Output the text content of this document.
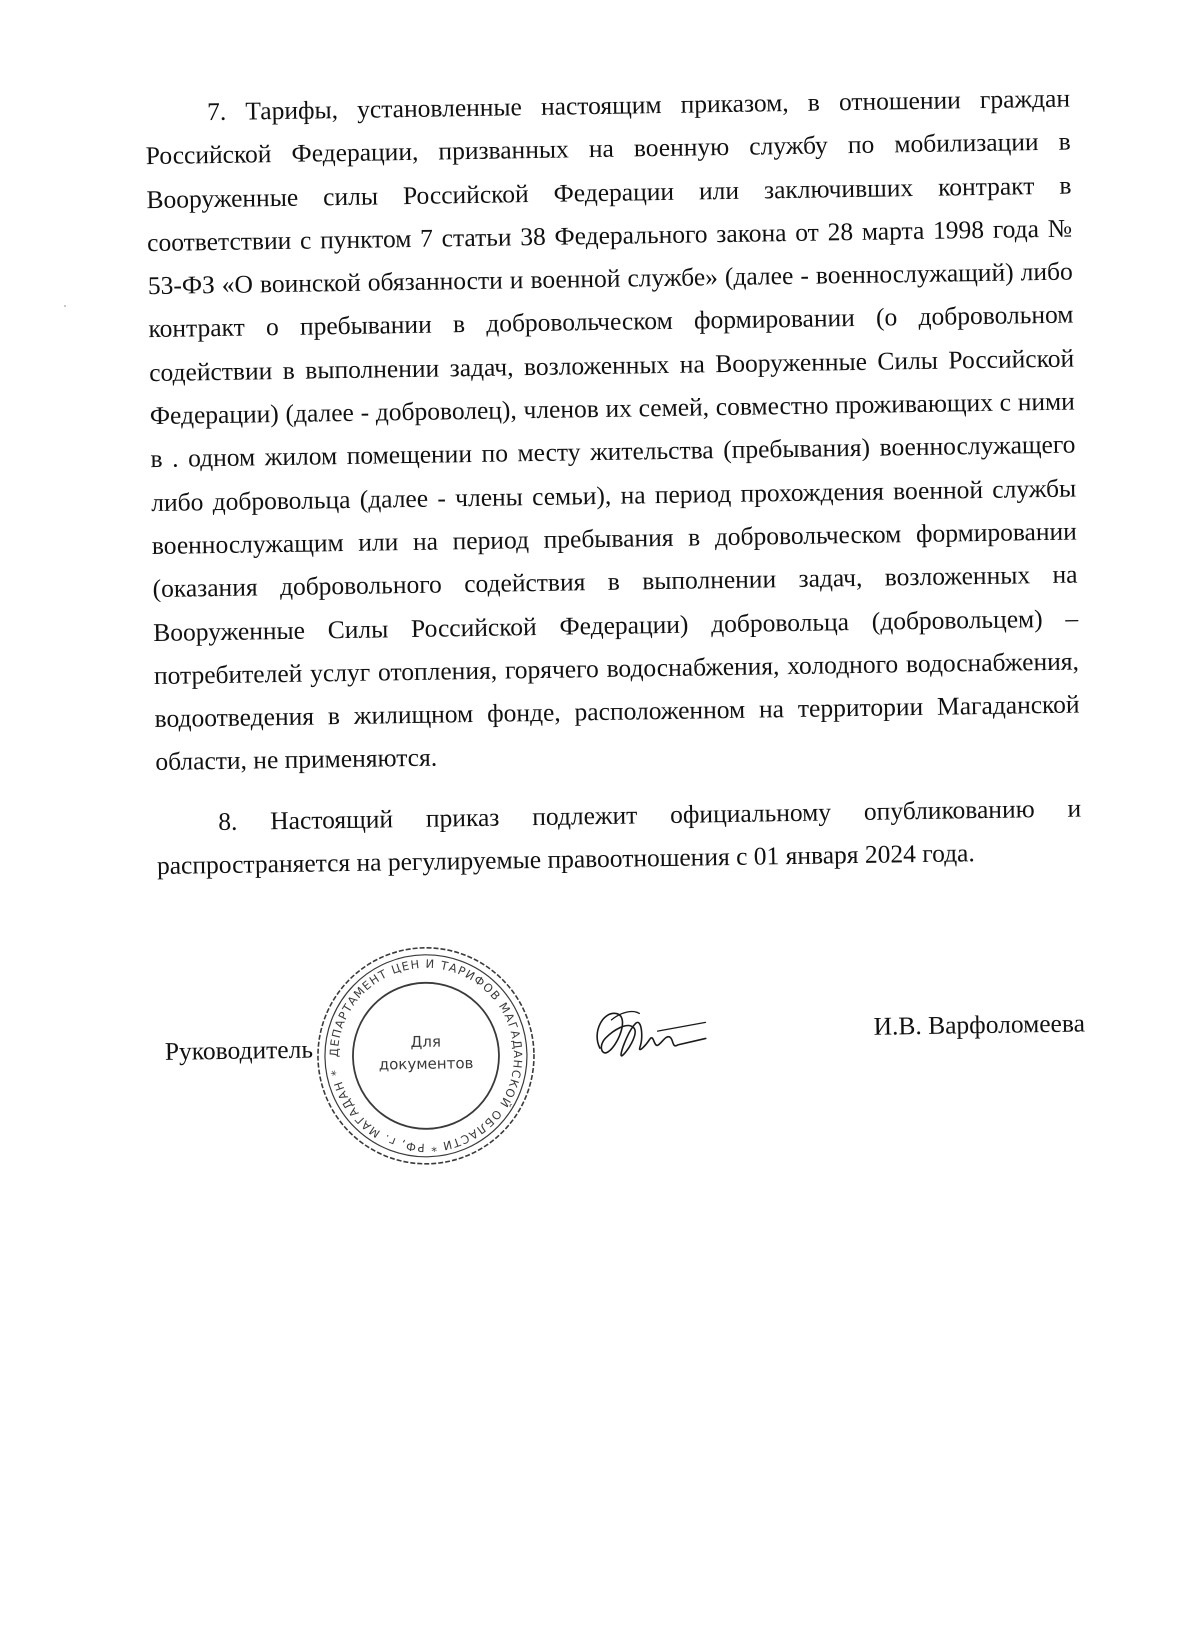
7. Тарифы, установленные настоящим приказом, в отношении граждан Российской Федерации, призванных на военную службу по мобилизации в Вооруженные силы Российской Федерации или заключивших контракт в соответствии с пунктом 7 статьи 38 Федерального закона от 28 марта 1998 года № 53-ФЗ «О воинской обязанности и военной службе» (далее - военнослужащий) либо контракт о пребывании в добровольческом формировании (о добровольном содействии в выполнении задач, возложенных на Вооруженные Силы Российской Федерации) (далее - доброволец), членов их семей, совместно проживающих с ними в . одном жилом помещении по месту жительства (пребывания) военнослужащего либо добровольца (далее - члены семьи), на период прохождения военной службы военнослужащим или на период пребывания в добровольческом формировании (оказания добровольного содействия в выполнении задач, возложенных на Вооруженные Силы Российской Федерации) добровольца (добровольцем) – потребителей услуг отопления, горячего водоснабжения, холодного водоснабжения, водоотведения в жилищном фонде, расположенном на территории Магаданской области, не применяются.

8. Настоящий приказ подлежит официальному опубликованию и распространяется на регулируемые правоотношения с 01 января 2024 года.

Руководитель ДЕПАРТАМЕНТ ЦЕН И ТАРИФОВ МАГАДАНСКОЙ ОБЛАСТИ * РФ, г. МАГАДАН *
Для
документов
И.В. Варфоломеева
